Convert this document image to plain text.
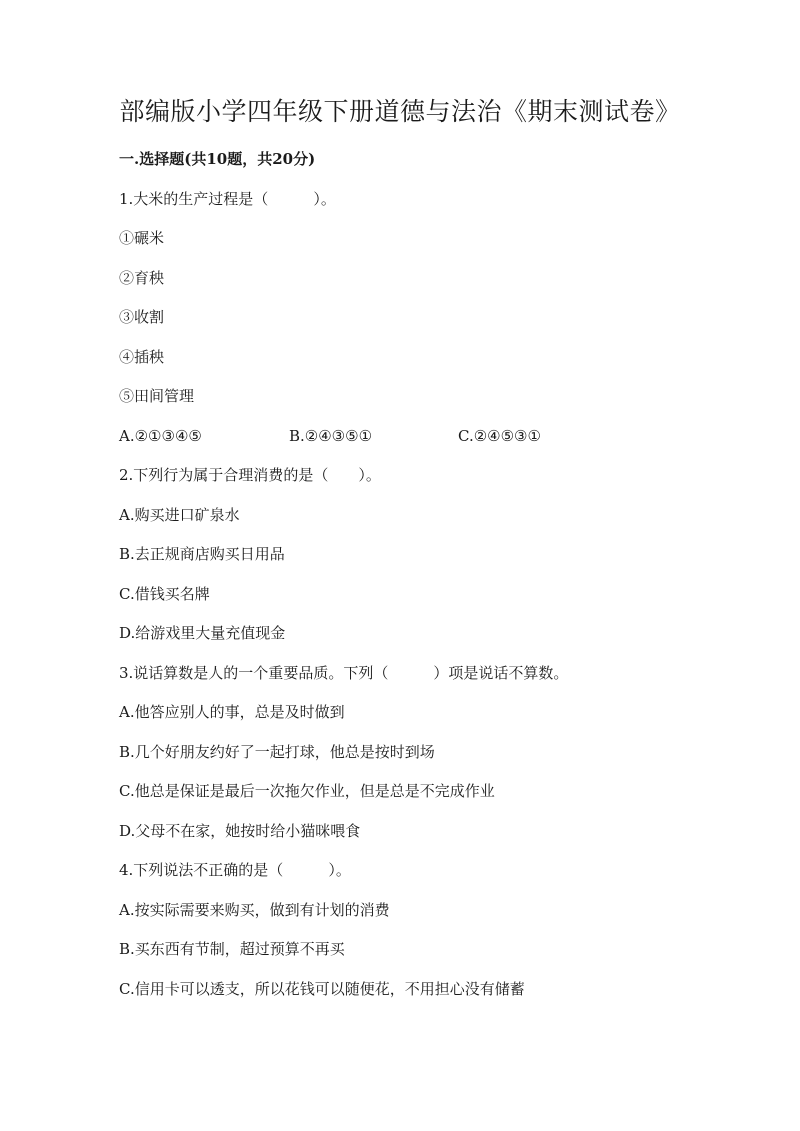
部编版小学四年级下册道德与法治《期末测试卷》
一.选择题(共10题，共20分)
1.大米的生产过程是（　　　）。
①碾米
②育秧
③收割
④插秧
⑤田间管理
A.②①③④⑤	B.②④③⑤①	C.②④⑤③①
2.下列行为属于合理消费的是（　　）。
A.购买进口矿泉水
B.去正规商店购买日用品
C.借钱买名牌
D.给游戏里大量充值现金
3.说话算数是人的一个重要品质。下列（　　　）项是说话不算数。
A.他答应别人的事，总是及时做到
B.几个好朋友约好了一起打球，他总是按时到场
C.他总是保证是最后一次拖欠作业，但是总是不完成作业
D.父母不在家，她按时给小猫咪喂食
4.下列说法不正确的是（　　　）。
A.按实际需要来购买，做到有计划的消费
B.买东西有节制，超过预算不再买
C.信用卡可以透支，所以花钱可以随便花，不用担心没有储蓄
